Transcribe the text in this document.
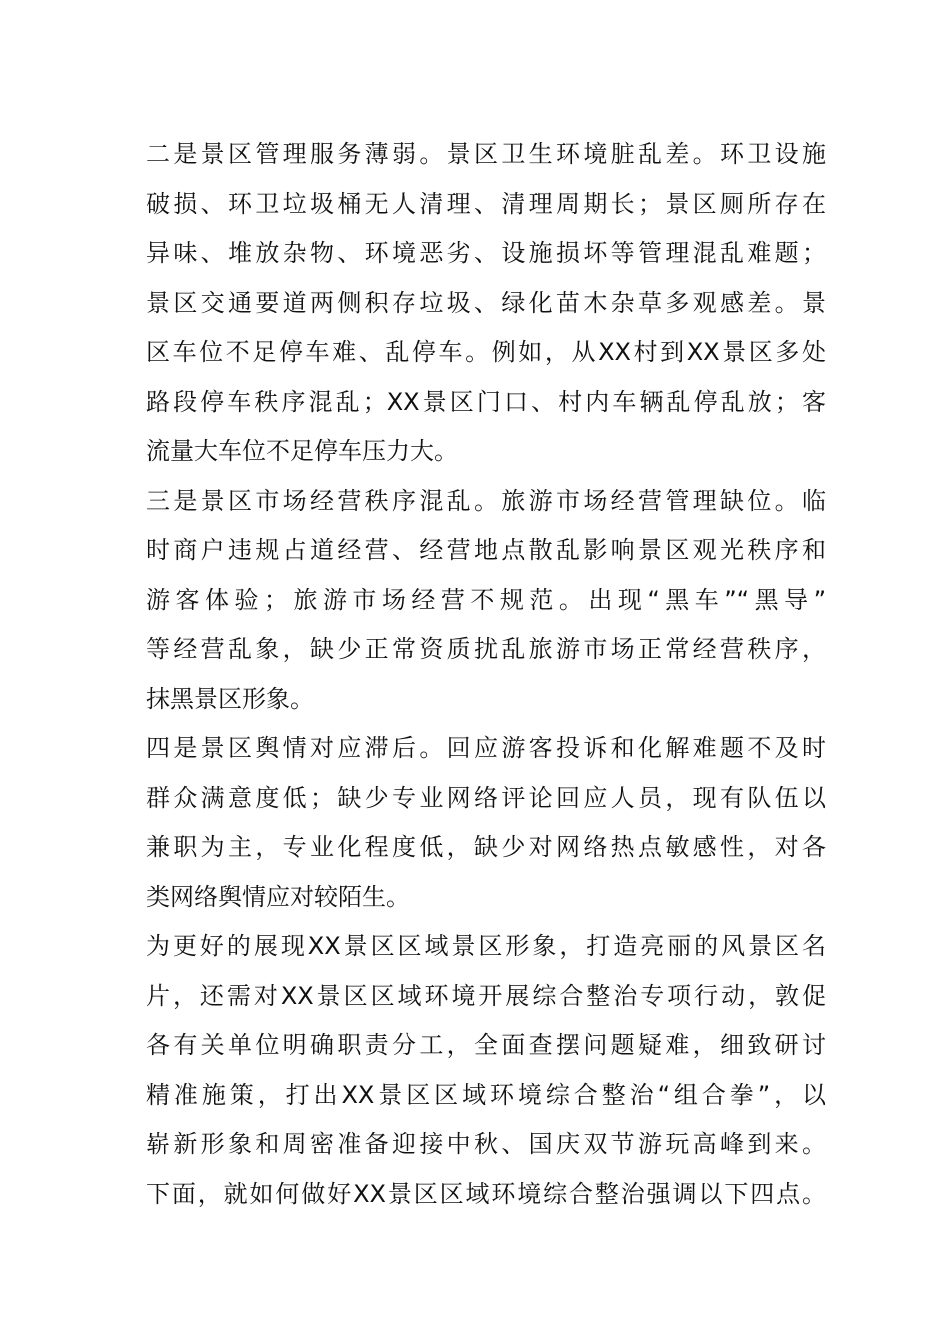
二是景区管理服务薄弱。景区卫生环境脏乱差。环卫设施
破损、环卫垃圾桶无人清理、清理周期长；景区厕所存在
异味、堆放杂物、环境恶劣、设施损坏等管理混乱难题；
景区交通要道两侧积存垃圾、绿化苗木杂草多观感差。景
区车位不足停车难、乱停车。例如，从XX村到XX景区多处
路段停车秩序混乱；XX景区门口、村内车辆乱停乱放；客
流量大车位不足停车压力大。
三是景区市场经营秩序混乱。旅游市场经营管理缺位。临
时商户违规占道经营、经营地点散乱影响景区观光秩序和
游客体验；旅游市场经营不规范。出现“黑车”“黑导”
等经营乱象，缺少正常资质扰乱旅游市场正常经营秩序，
抹黑景区形象。
四是景区舆情对应滞后。回应游客投诉和化解难题不及时
群众满意度低；缺少专业网络评论回应人员，现有队伍以
兼职为主，专业化程度低，缺少对网络热点敏感性，对各
类网络舆情应对较陌生。
为更好的展现XX景区区域景区形象，打造亮丽的风景区名
片，还需对XX景区区域环境开展综合整治专项行动，敦促
各有关单位明确职责分工，全面查摆问题疑难，细致研讨
精准施策，打出XX景区区域环境综合整治“组合拳”，以
崭新形象和周密准备迎接中秋、国庆双节游玩高峰到来。
下面，就如何做好XX景区区域环境综合整治强调以下四点。
